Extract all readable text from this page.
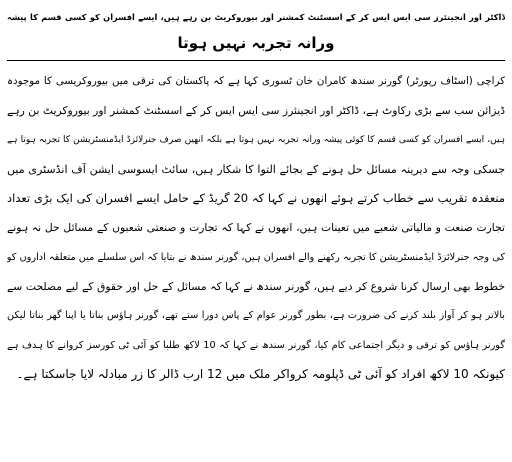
ڈاکٹر اور انجینئرز سی ایس ایس کر کے اسسٹنٹ کمشنر اور بیوروکریٹ بن رہے ہیں، ایسے افسران کو کسی قسم کا پیشہ
ورانہ تجربہ نہیں ہوتا
کراچی (اسٹاف رپورٹر) گورنر سندھ کامران خان ٹسوری کہا ہے کہ پاکستان کی ترقی میں بیوروکریسی کا موجودہ
ڈیزائن سب سے بڑی رکاوٹ ہے، ڈاکٹر اور انجینئرز سی ایس ایس کر کے اسسٹنٹ کمشنر اور بیوروکریٹ بن رہے
ہیں، ایسے افسران کو کسی قسم کا کوئی پیشہ ورانہ تجربہ نہیں ہوتا ہے بلکہ انھیں صرف جنرلائزڈ ایڈمنسٹریشن کا تجربہ ہوتا ہے
جسکی وجہ سے دیرینہ مسائل حل ہونے کے بجائے التوا کا شکار ہیں، سائٹ ایسوسی ایشن آف انڈسٹری میں
منعقدہ تقریب سے خطاب کرتے ہوئے انھوں نے کہا کہ 20 گریڈ کے حامل ایسے افسران کی ایک بڑی تعداد
تجارت صنعت و مالیاتی شعبے میں تعینات ہیں، انھوں نے کہا کہ تجارت و صنعتی شعبوں کے مسائل حل نہ ہونے
کی وجہ جنرلائزڈ ایڈمنسٹریشن کا تجربہ رکھنے والے افسران ہیں، گورنر سندھ نے بتایا کہ اس سلسلے میں متعلقہ اداروں کو
خطوط بھی ارسال کرنا شروع کر دیے ہیں، گورنر سندھ نے کہا کہ مسائل کے حل اور حقوق کے لیے مصلحت سے
بالاتر ہو کر آواز بلند کرنے کی ضرورت ہے، بطور گورنر عوام کے پاس دورا ستے تھے، گورنر ہاؤس بناتا یا اپنا گھر بناتا لیکن
گورنر ہاؤس کو ترقی و دیگر اجتماعی کام کیا، گورنر سندھ نے کہا کہ 10 لاکھ طلبا کو آئی ٹی کورسز کروانے کا ہدف ہے
کیونکہ 10 لاکھ افراد کو آئی ٹی ڈپلومہ کرواکر ملک میں 12 ارب ڈالر کا زر مبادلہ لایا جاسکتا ہے۔
